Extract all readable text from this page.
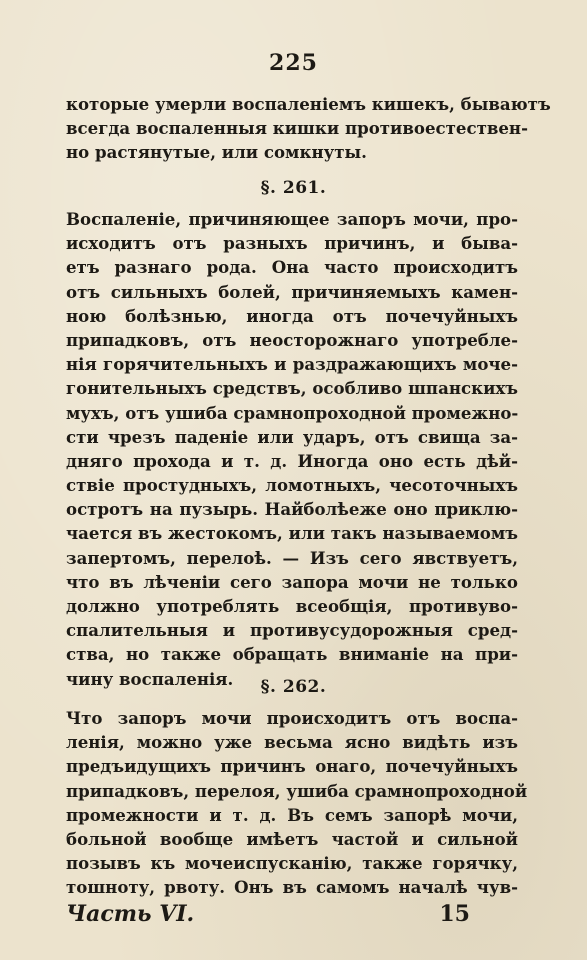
225
которые умерли воспаленіемъ кишекъ, бываютъ
всегда воспаленныя кишки противоестествен-
но растянутые, или сомкнуты.
§. 261.
Воспаленіе, причиняющее запоръ мочи, про-
исходитъ отъ разныхъ причинъ, и быва-
етъ разнаго рода. Она часто происходитъ
отъ сильныхъ болей, причиняемыхъ камен-
ною болѣзнью, иногда отъ почечуйныхъ
припадковъ, отъ неосторожнаго употребле-
нія горячительныхъ и раздражающихъ моче-
гонительныхъ средствъ, особливо шпанскихъ
мухъ, отъ ушиба срамнопроходной промежно-
сти чрезъ паденіе или ударъ, отъ свища за-
дняго прохода и т. д. Иногда оно есть дѣй-
ствіе простудныхъ, ломотныхъ, чесоточныхъ
остротъ на пузырь. Найболѣеже оно приклю-
чается въ жестокомъ, или такъ называемомъ
запертомъ, перелоѣ. — Изъ сего явствуетъ,
что въ лѣченіи сего запора мочи не только
должно употреблять всеобщія, противуво-
спалительныя и противусудорожныя сред-
ства, но также обращать вниманіе на при-
чину воспаленія.	§. 262.
Что запоръ мочи происходитъ отъ воспа-
ленія, можно уже весьма ясно видѣть изъ
предъидущихъ причинъ онаго, почечуйныхъ
припадковъ, перелоя, ушиба срамнопроходной
промежности и т. д. Въ семъ запорѣ мочи,
больной вообще имѣетъ частой и сильной
позывъ къ мочеиспусканію, также горячку,
тошноту, рвоту. Онъ въ самомъ началѣ чув-
Часть VI.	15
